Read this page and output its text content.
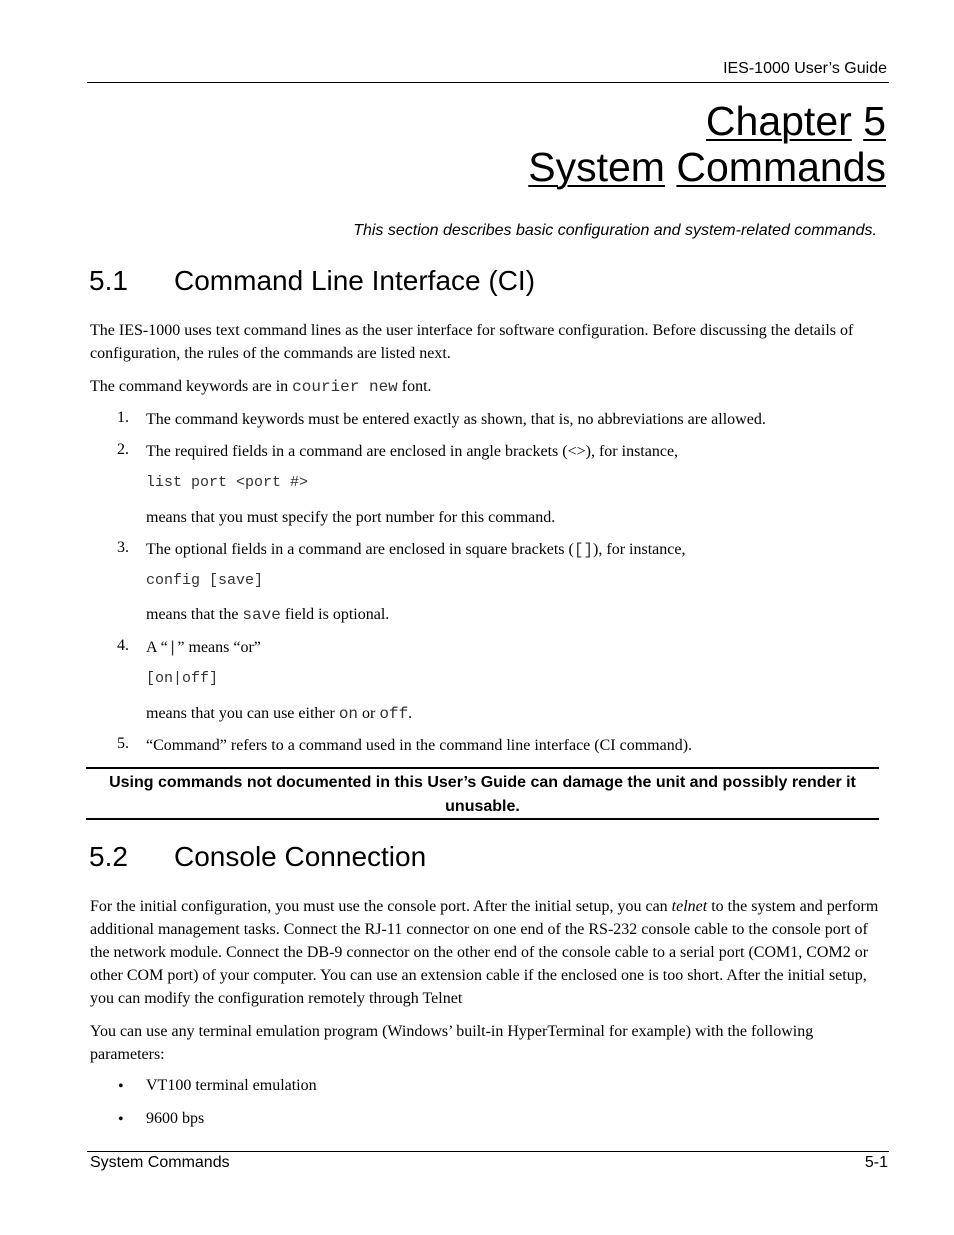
IES-1000 User’s Guide
Chapter 5
System Commands
This section describes basic configuration and system-related commands.
5.1 Command Line Interface (CI)
The IES-1000 uses text command lines as the user interface for software configuration. Before discussing the details of configuration, the rules of the commands are listed next.
The command keywords are in courier new font.
1. The command keywords must be entered exactly as shown, that is, no abbreviations are allowed.
2. The required fields in a command are enclosed in angle brackets (<>), for instance,
list port <port #>
means that you must specify the port number for this command.
3. The optional fields in a command are enclosed in square brackets ([]), for instance,
config [save]
means that the save field is optional.
4. A “|” means “or”
[on|off]
means that you can use either on or off.
5. “Command” refers to a command used in the command line interface (CI command).
Using commands not documented in this User’s Guide can damage the unit and possibly render it unusable.
5.2 Console Connection
For the initial configuration, you must use the console port. After the initial setup, you can telnet to the system and perform additional management tasks. Connect the RJ-11 connector on one end of the RS-232 console cable to the console port of the network module. Connect the DB-9 connector on the other end of the console cable to a serial port (COM1, COM2 or other COM port) of your computer. You can use an extension cable if the enclosed one is too short. After the initial setup, you can modify the configuration remotely through Telnet
You can use any terminal emulation program (Windows’ built-in HyperTerminal for example) with the following parameters:
• VT100 terminal emulation
• 9600 bps
System Commands	5-1
